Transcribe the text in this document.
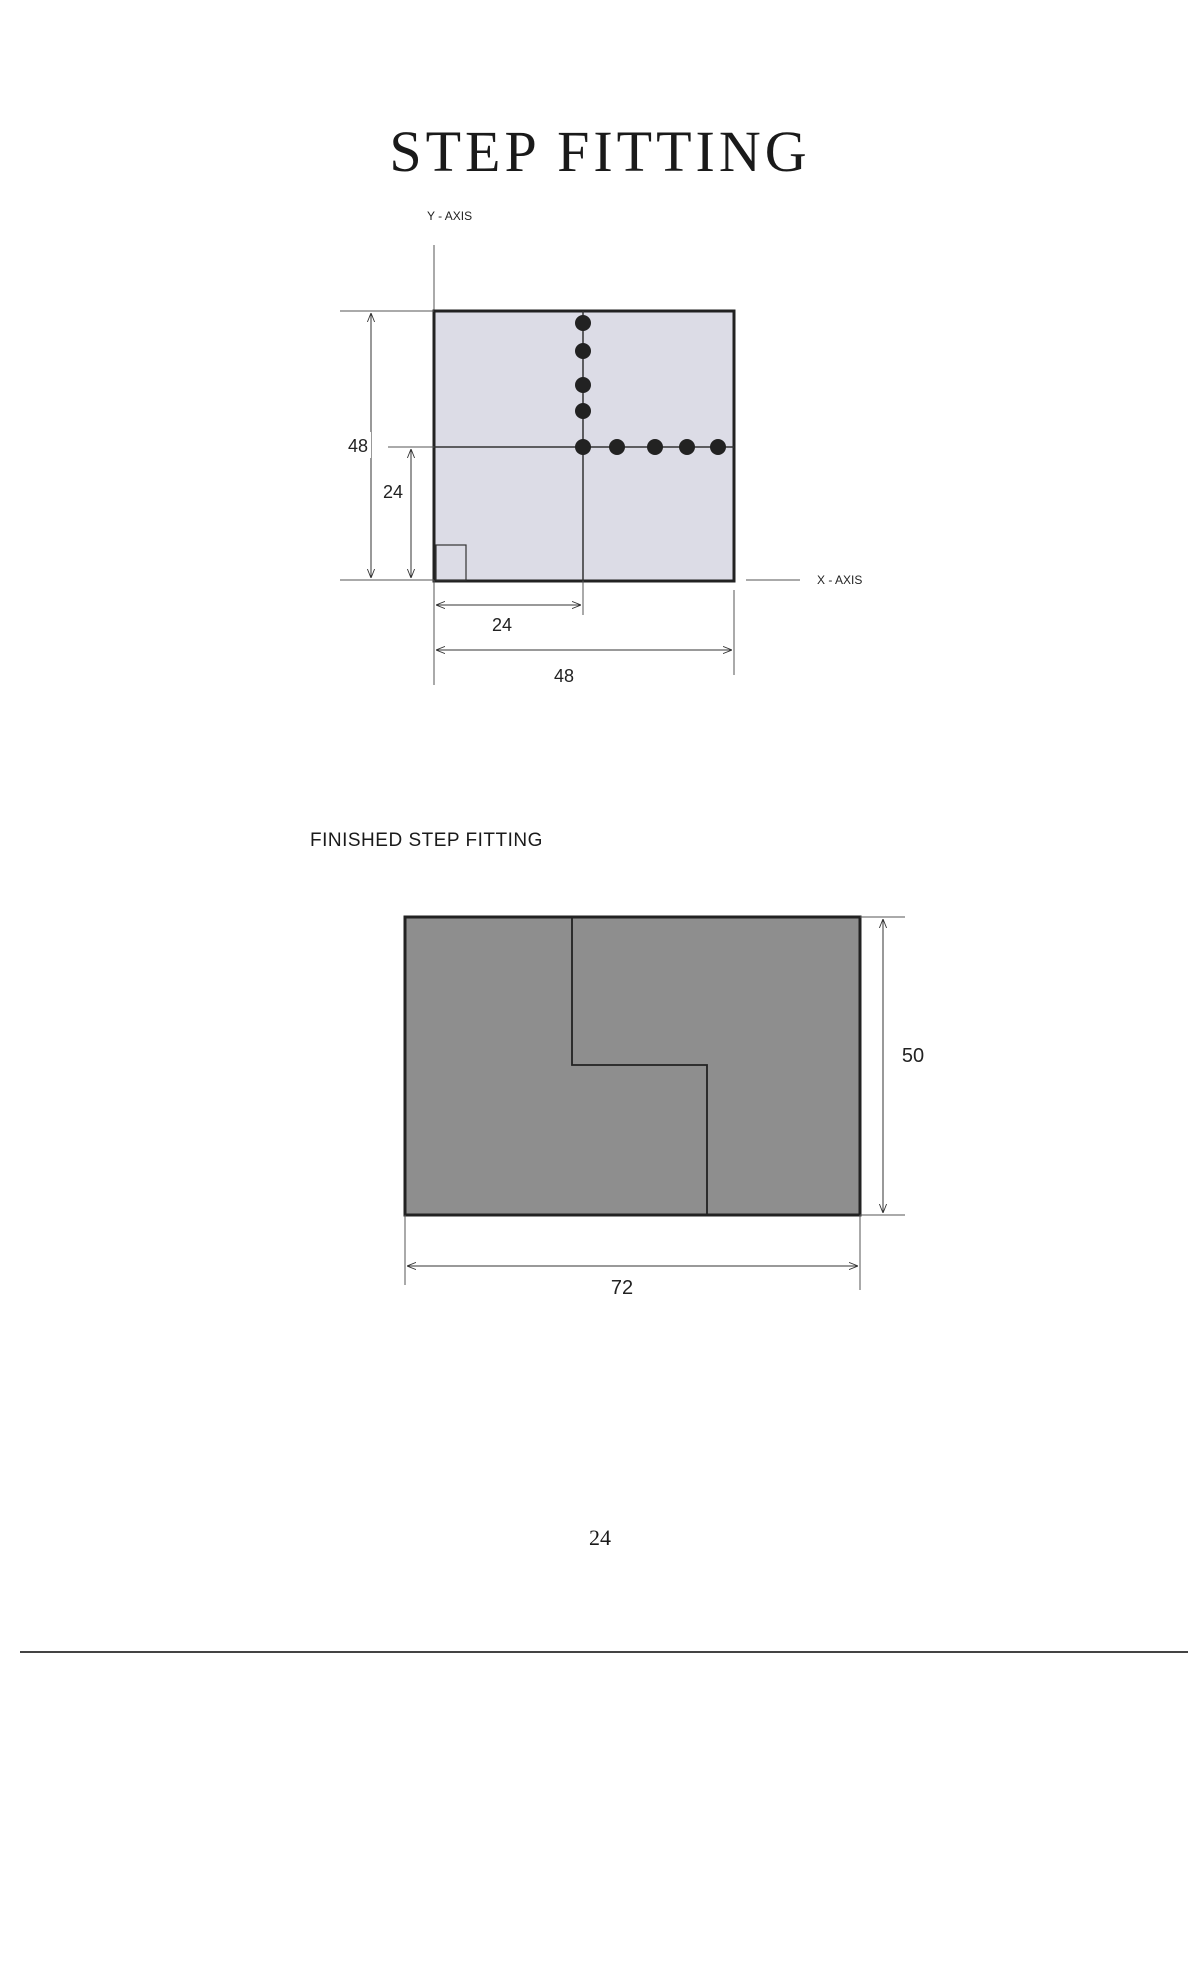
STEP FITTING
Y - AXIS
X - AXIS
48
24
24
48
FINISHED STEP FITTING
50
72
24
